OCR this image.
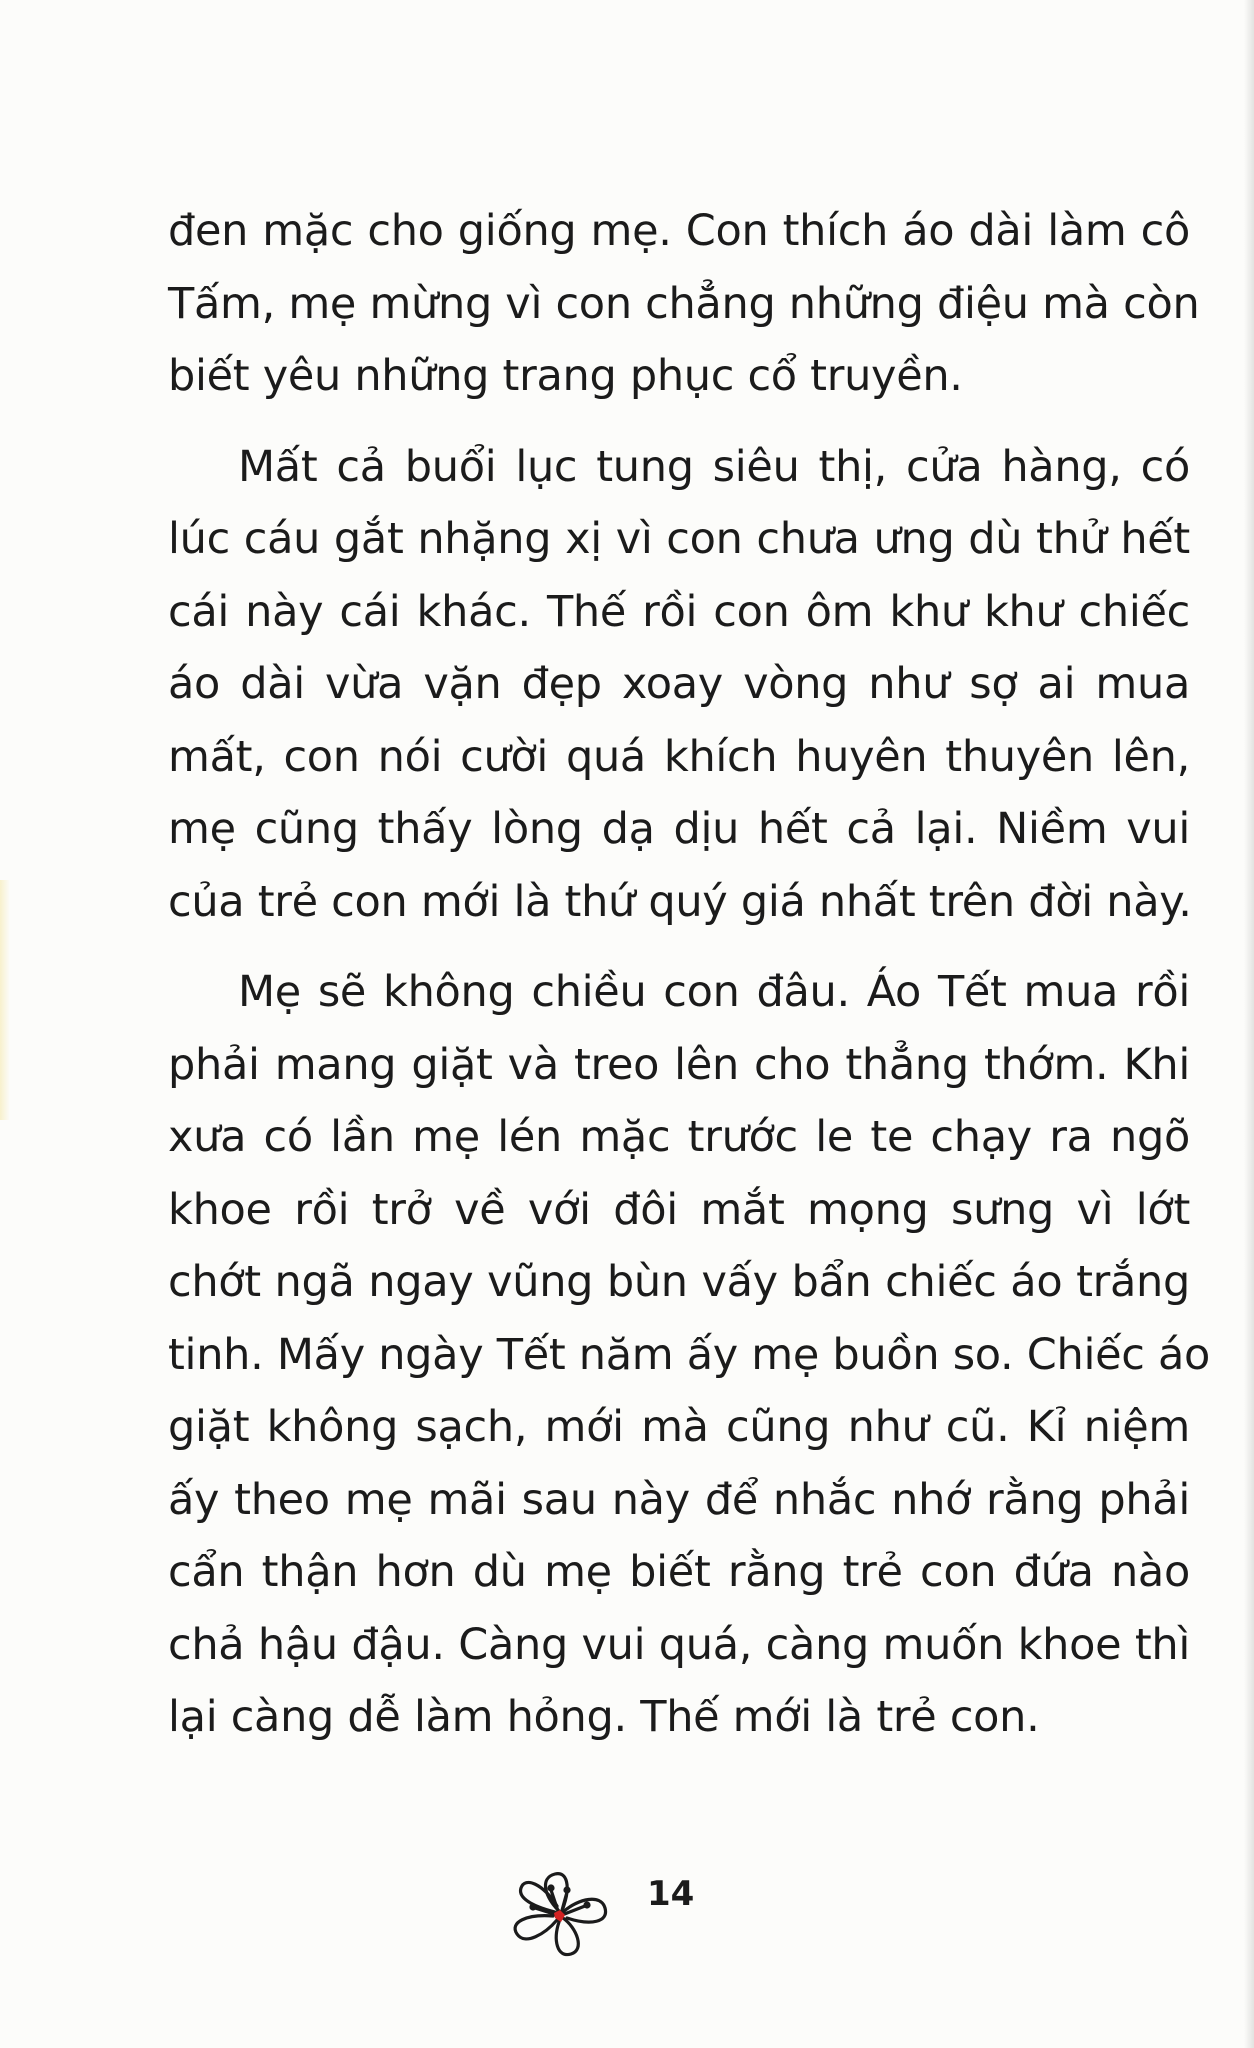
đen mặc cho giống mẹ. Con thích áo dài làm cô
Tấm, mẹ mừng vì con chẳng những điệu mà còn
biết yêu những trang phục cổ truyền.

Mất cả buổi lục tung siêu thị, cửa hàng, có
lúc cáu gắt nhặng xị vì con chưa ưng dù thử hết
cái này cái khác. Thế rồi con ôm khư khư chiếc
áo dài vừa vặn đẹp xoay vòng như sợ ai mua
mất, con nói cười quá khích huyên thuyên lên,
mẹ cũng thấy lòng dạ dịu hết cả lại. Niềm vui
của trẻ con mới là thứ quý giá nhất trên đời này.

Mẹ sẽ không chiều con đâu. Áo Tết mua rồi
phải mang giặt và treo lên cho thẳng thớm. Khi
xưa có lần mẹ lén mặc trước le te chạy ra ngõ
khoe rồi trở về với đôi mắt mọng sưng vì lớt
chớt ngã ngay vũng bùn vấy bẩn chiếc áo trắng
tinh. Mấy ngày Tết năm ấy mẹ buồn so. Chiếc áo
giặt không sạch, mới mà cũng như cũ. Kỉ niệm
ấy theo mẹ mãi sau này để nhắc nhớ rằng phải
cẩn thận hơn dù mẹ biết rằng trẻ con đứa nào
chả hậu đậu. Càng vui quá, càng muốn khoe thì
lại càng dễ làm hỏng. Thế mới là trẻ con.

14
